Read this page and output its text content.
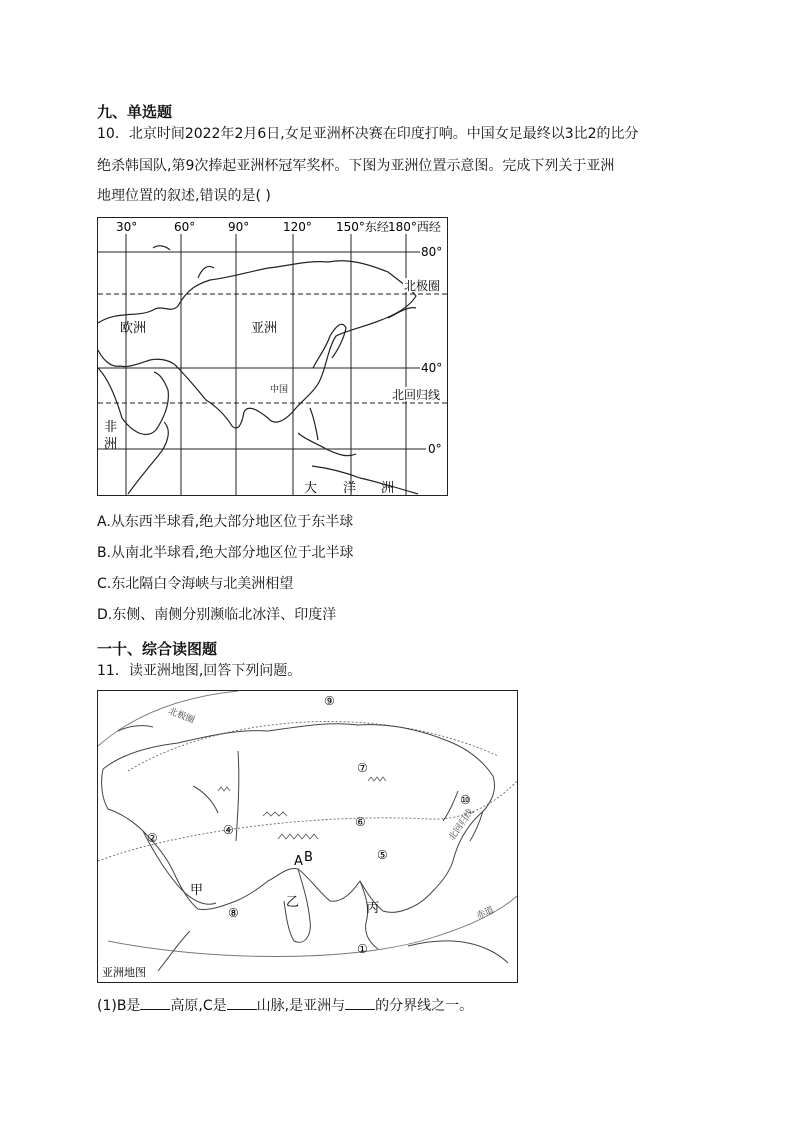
九、单选题
10．北京时间2022年2月6日,女足亚洲杯决赛在印度打响。中国女足最终以3比2的比分
绝杀韩国队,第9次捧起亚洲杯冠军奖杯。下图为亚洲位置示意图。完成下列关于亚洲
地理位置的叙述,错误的是( )
30°	60°	90°	120° 150°东经 180°西经
80°
40°
0°
北极圈
北回归线
欧洲	亚洲
中国
非
洲
大 洋 洲
A.从东西半球看,绝大部分地区位于东半球
B.从南北半球看,绝大部分地区位于北半球
C.东北隔白令海峡与北美洲相望
D.东侧、南侧分别濒临北冰洋、印度洋
一十、综合读图题
11．读亚洲地图,回答下列问题。
北极圈
北回归线
赤道
①
②
④
⑤
⑥
⑦
⑧
⑨
⑩
A B
甲
乙	丙
亚洲地图
(1)B是 高原,C是 山脉,是亚洲与 的分界线之一。
